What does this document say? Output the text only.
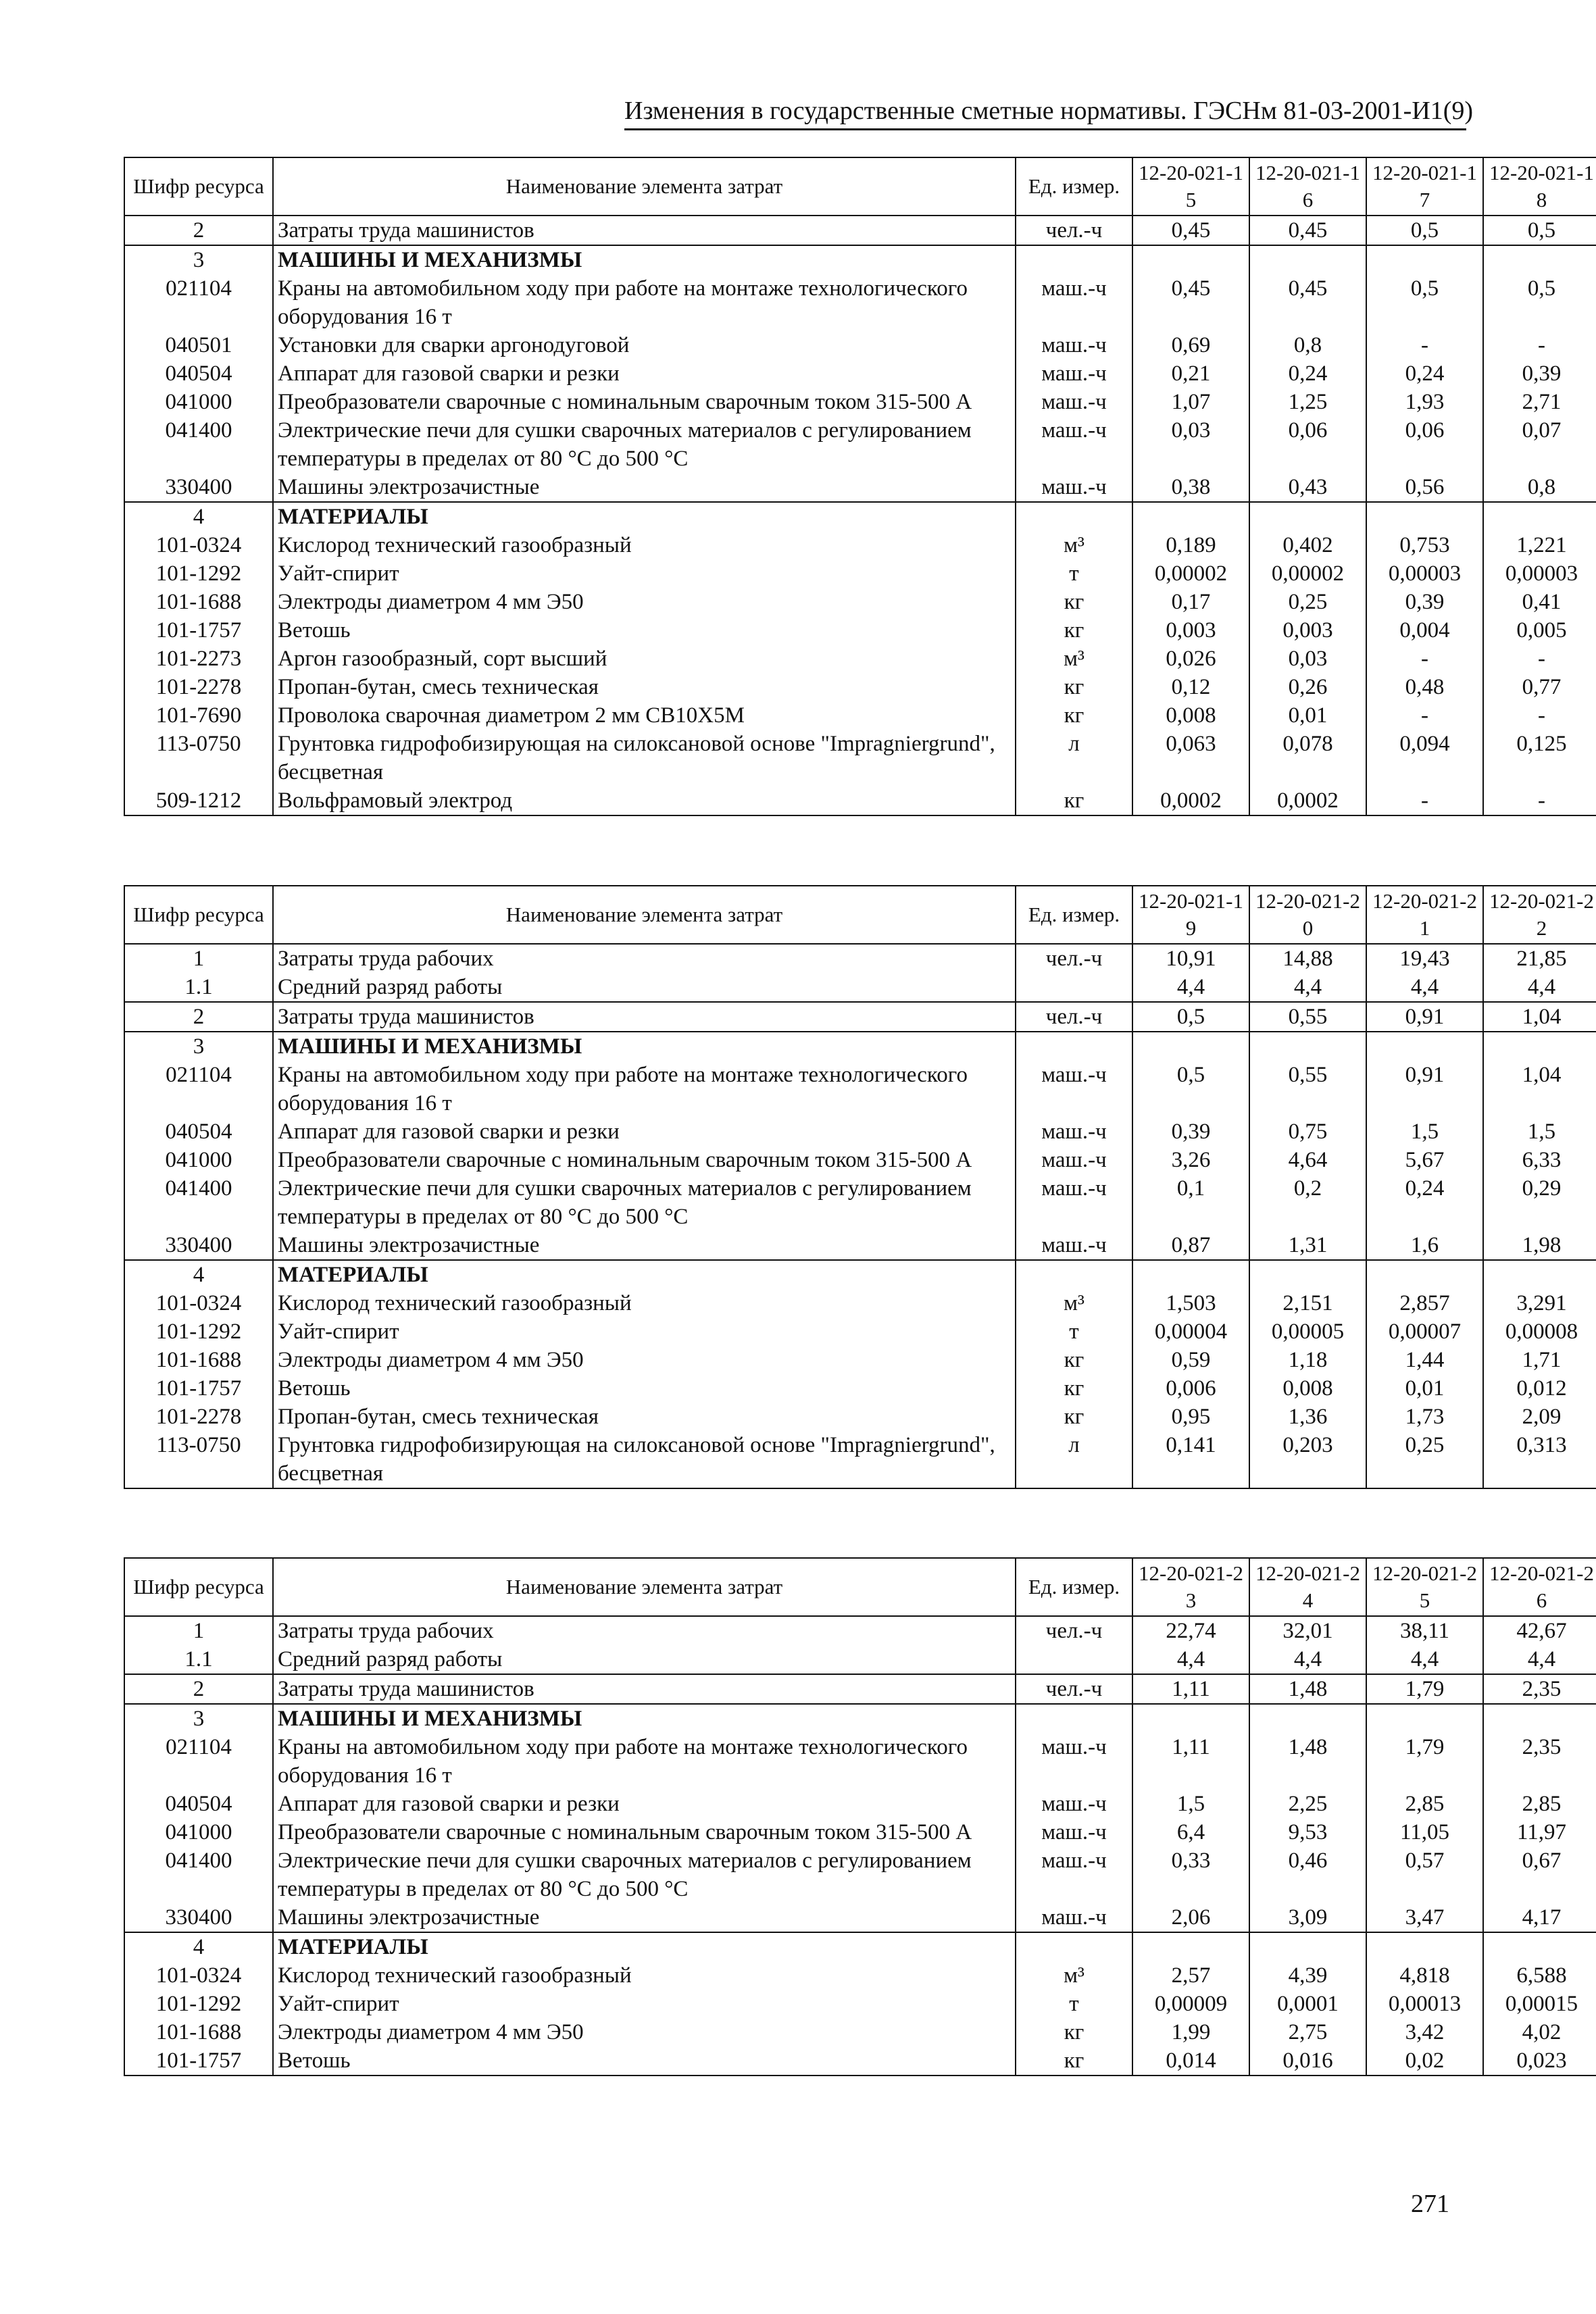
Изменения в государственные сметные нормативы. ГЭСНм 81-03-2001-И1(9)
Шифр ресурса	Наименование элемента затрат	Ед. измер.	12-20-021-15	12-20-021-16	12-20-021-17	12-20-021-18
2	Затраты труда машинистов	чел.-ч	0,45	0,45	0,5	0,5
3	МАШИНЫ И МЕХАНИЗМЫ					
021104	Краны на автомобильном ходу при работе на монтаже технологического оборудования 16 т	маш.-ч	0,45	0,45	0,5	0,5
040501	Установки для сварки аргонодуговой	маш.-ч	0,69	0,8	-	-
040504	Аппарат для газовой сварки и резки	маш.-ч	0,21	0,24	0,24	0,39
041000	Преобразователи сварочные с номинальным сварочным током 315-500 А	маш.-ч	1,07	1,25	1,93	2,71
041400	Электрические печи для сушки сварочных материалов с регулированием температуры в пределах от 80 °С до 500 °С	маш.-ч	0,03	0,06	0,06	0,07
330400	Машины электрозачистные	маш.-ч	0,38	0,43	0,56	0,8
4	МАТЕРИАЛЫ					
101-0324	Кислород технический газообразный	м³	0,189	0,402	0,753	1,221
101-1292	Уайт-спирит	т	0,00002	0,00002	0,00003	0,00003
101-1688	Электроды диаметром 4 мм Э50	кг	0,17	0,25	0,39	0,41
101-1757	Ветошь	кг	0,003	0,003	0,004	0,005
101-2273	Аргон газообразный, сорт высший	м³	0,026	0,03	-	-
101-2278	Пропан-бутан, смесь техническая	кг	0,12	0,26	0,48	0,77
101-7690	Проволока сварочная диаметром 2 мм СВ10Х5М	кг	0,008	0,01	-	-
113-0750	Грунтовка гидрофобизирующая на силоксановой основе "Impragniergrund", бесцветная	л	0,063	0,078	0,094	0,125
509-1212	Вольфрамовый электрод	кг	0,0002	0,0002	-	-
Шифр ресурса	Наименование элемента затрат	Ед. измер.	12-20-021-19	12-20-021-20	12-20-021-21	12-20-021-22
1	Затраты труда рабочих	чел.-ч	10,91	14,88	19,43	21,85
1.1	Средний разряд работы		4,4	4,4	4,4	4,4
2	Затраты труда машинистов	чел.-ч	0,5	0,55	0,91	1,04
3	МАШИНЫ И МЕХАНИЗМЫ					
021104	Краны на автомобильном ходу при работе на монтаже технологического оборудования 16 т	маш.-ч	0,5	0,55	0,91	1,04
040504	Аппарат для газовой сварки и резки	маш.-ч	0,39	0,75	1,5	1,5
041000	Преобразователи сварочные с номинальным сварочным током 315-500 А	маш.-ч	3,26	4,64	5,67	6,33
041400	Электрические печи для сушки сварочных материалов с регулированием температуры в пределах от 80 °С до 500 °С	маш.-ч	0,1	0,2	0,24	0,29
330400	Машины электрозачистные	маш.-ч	0,87	1,31	1,6	1,98
4	МАТЕРИАЛЫ					
101-0324	Кислород технический газообразный	м³	1,503	2,151	2,857	3,291
101-1292	Уайт-спирит	т	0,00004	0,00005	0,00007	0,00008
101-1688	Электроды диаметром 4 мм Э50	кг	0,59	1,18	1,44	1,71
101-1757	Ветошь	кг	0,006	0,008	0,01	0,012
101-2278	Пропан-бутан, смесь техническая	кг	0,95	1,36	1,73	2,09
113-0750	Грунтовка гидрофобизирующая на силоксановой основе "Impragniergrund", бесцветная	л	0,141	0,203	0,25	0,313
Шифр ресурса	Наименование элемента затрат	Ед. измер.	12-20-021-23	12-20-021-24	12-20-021-25	12-20-021-26
1	Затраты труда рабочих	чел.-ч	22,74	32,01	38,11	42,67
1.1	Средний разряд работы		4,4	4,4	4,4	4,4
2	Затраты труда машинистов	чел.-ч	1,11	1,48	1,79	2,35
3	МАШИНЫ И МЕХАНИЗМЫ					
021104	Краны на автомобильном ходу при работе на монтаже технологического оборудования 16 т	маш.-ч	1,11	1,48	1,79	2,35
040504	Аппарат для газовой сварки и резки	маш.-ч	1,5	2,25	2,85	2,85
041000	Преобразователи сварочные с номинальным сварочным током 315-500 А	маш.-ч	6,4	9,53	11,05	11,97
041400	Электрические печи для сушки сварочных материалов с регулированием температуры в пределах от 80 °С до 500 °С	маш.-ч	0,33	0,46	0,57	0,67
330400	Машины электрозачистные	маш.-ч	2,06	3,09	3,47	4,17
4	МАТЕРИАЛЫ					
101-0324	Кислород технический газообразный	м³	2,57	4,39	4,818	6,588
101-1292	Уайт-спирит	т	0,00009	0,0001	0,00013	0,00015
101-1688	Электроды диаметром 4 мм Э50	кг	1,99	2,75	3,42	4,02
101-1757	Ветошь	кг	0,014	0,016	0,02	0,023
271
